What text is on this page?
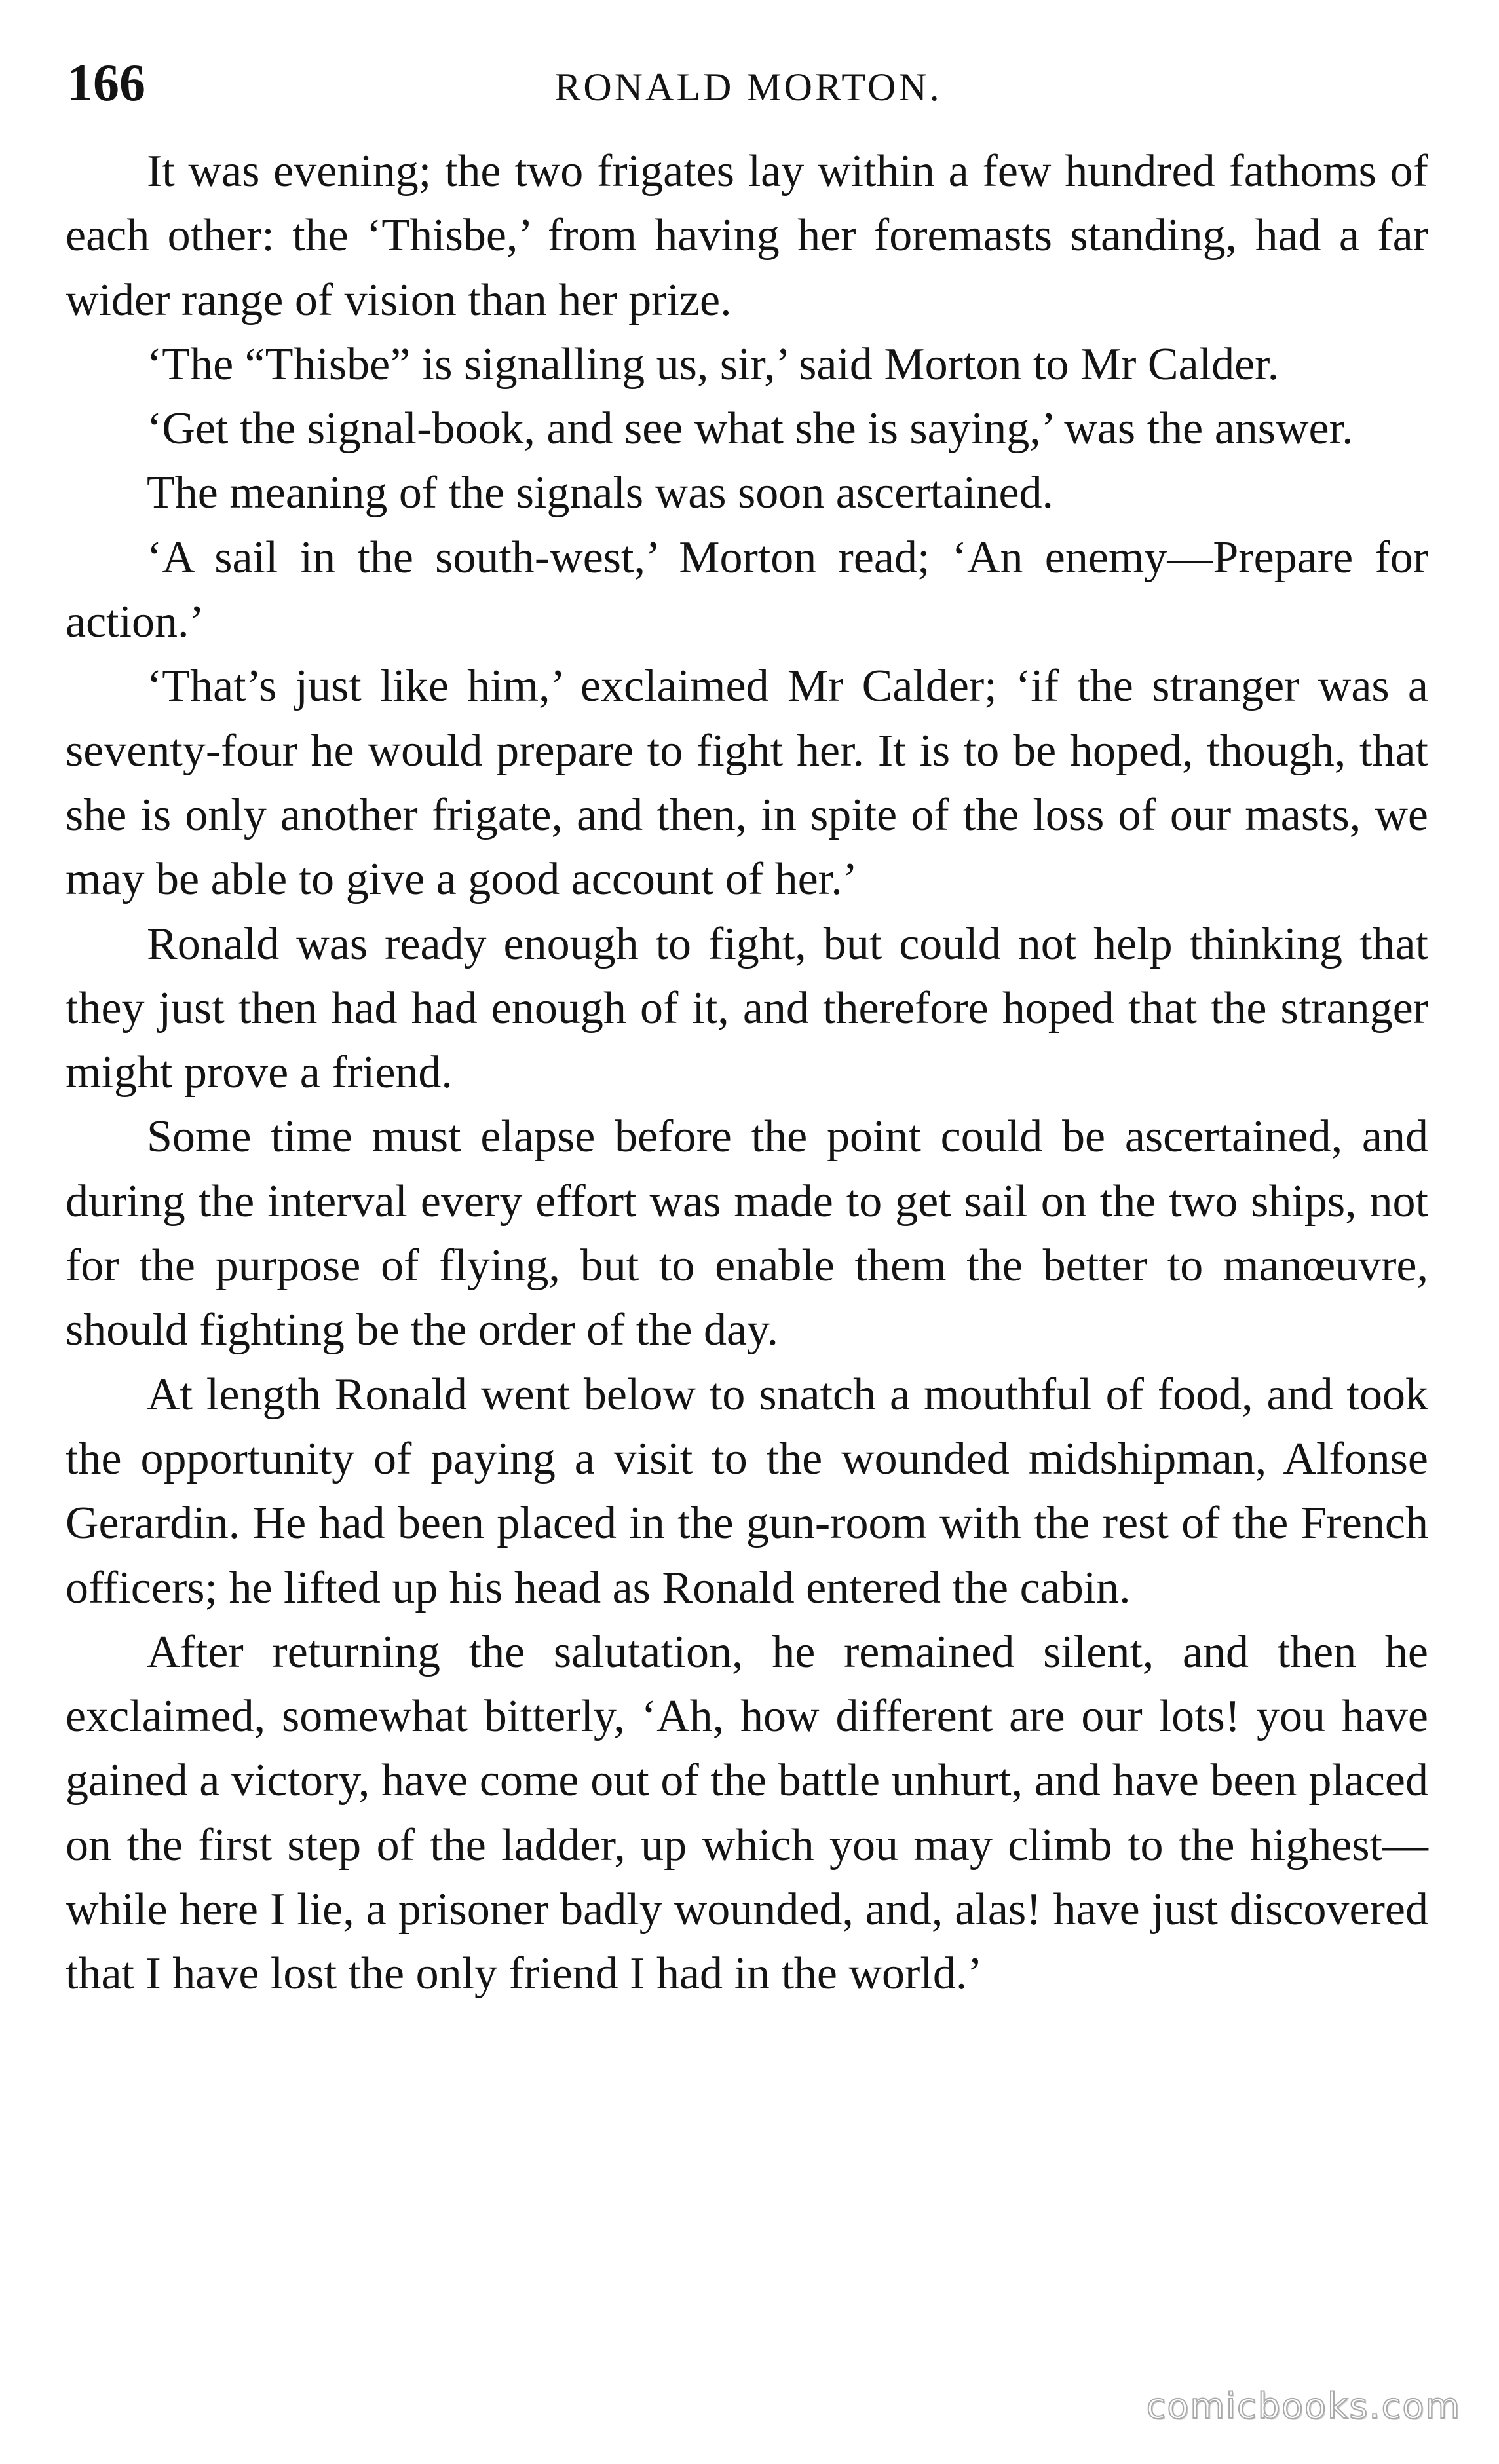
166	RONALD MORTON.

It was evening; the two frigates lay within a few hundred fathoms of each other: the ‘Thisbe,’ from having her foremasts standing, had a far wider range of vision than her prize.

‘The “Thisbe” is signalling us, sir,’ said Morton to Mr Calder.

‘Get the signal-book, and see what she is saying,’ was the answer.

The meaning of the signals was soon ascertained.

‘A sail in the south-west,’ Morton read; ‘An enemy—Prepare for action.’

‘That’s just like him,’ exclaimed Mr Calder; ‘if the stranger was a seventy-four he would prepare to fight her. It is to be hoped, though, that she is only another frigate, and then, in spite of the loss of our masts, we may be able to give a good account of her.’

Ronald was ready enough to fight, but could not help thinking that they just then had had enough of it, and therefore hoped that the stranger might prove a friend.

Some time must elapse before the point could be ascertained, and during the interval every effort was made to get sail on the two ships, not for the purpose of flying, but to enable them the better to manœuvre, should fighting be the order of the day.

At length Ronald went below to snatch a mouthful of food, and took the opportunity of paying a visit to the wounded midshipman, Alfonse Gerardin. He had been placed in the gun-room with the rest of the French officers; he lifted up his head as Ronald entered the cabin.

After returning the salutation, he remained silent, and then he exclaimed, somewhat bitterly, ‘Ah, how different are our lots! you have gained a victory, have come out of the battle unhurt, and have been placed on the first step of the ladder, up which you may climb to the highest—while here I lie, a prisoner badly wounded, and, alas! have just discovered that I have lost the only friend I had in the world.’

comicbooks.com
